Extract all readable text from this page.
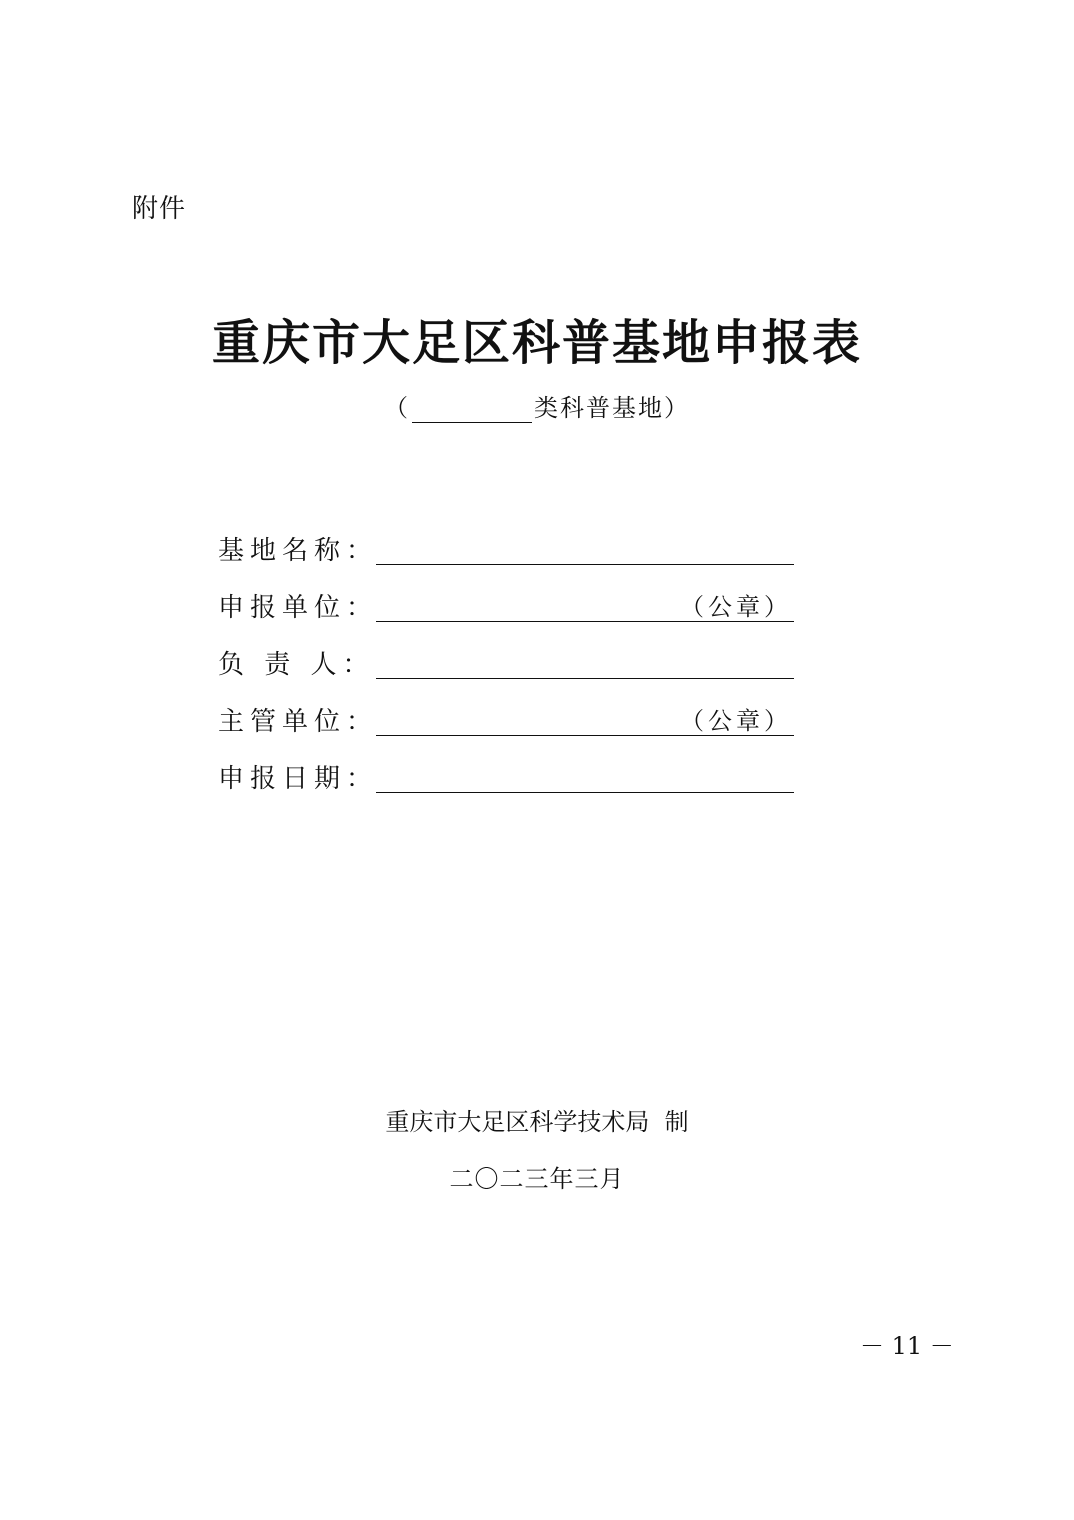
附件
重庆市大足区科普基地申报表
（	类科普基地）
基地名称：
申报单位：	（公章）
负 责 人：
主管单位：	（公章）
申报日期：
重庆市大足区科学技术局  制
二〇二三年三月
－ 11 －
